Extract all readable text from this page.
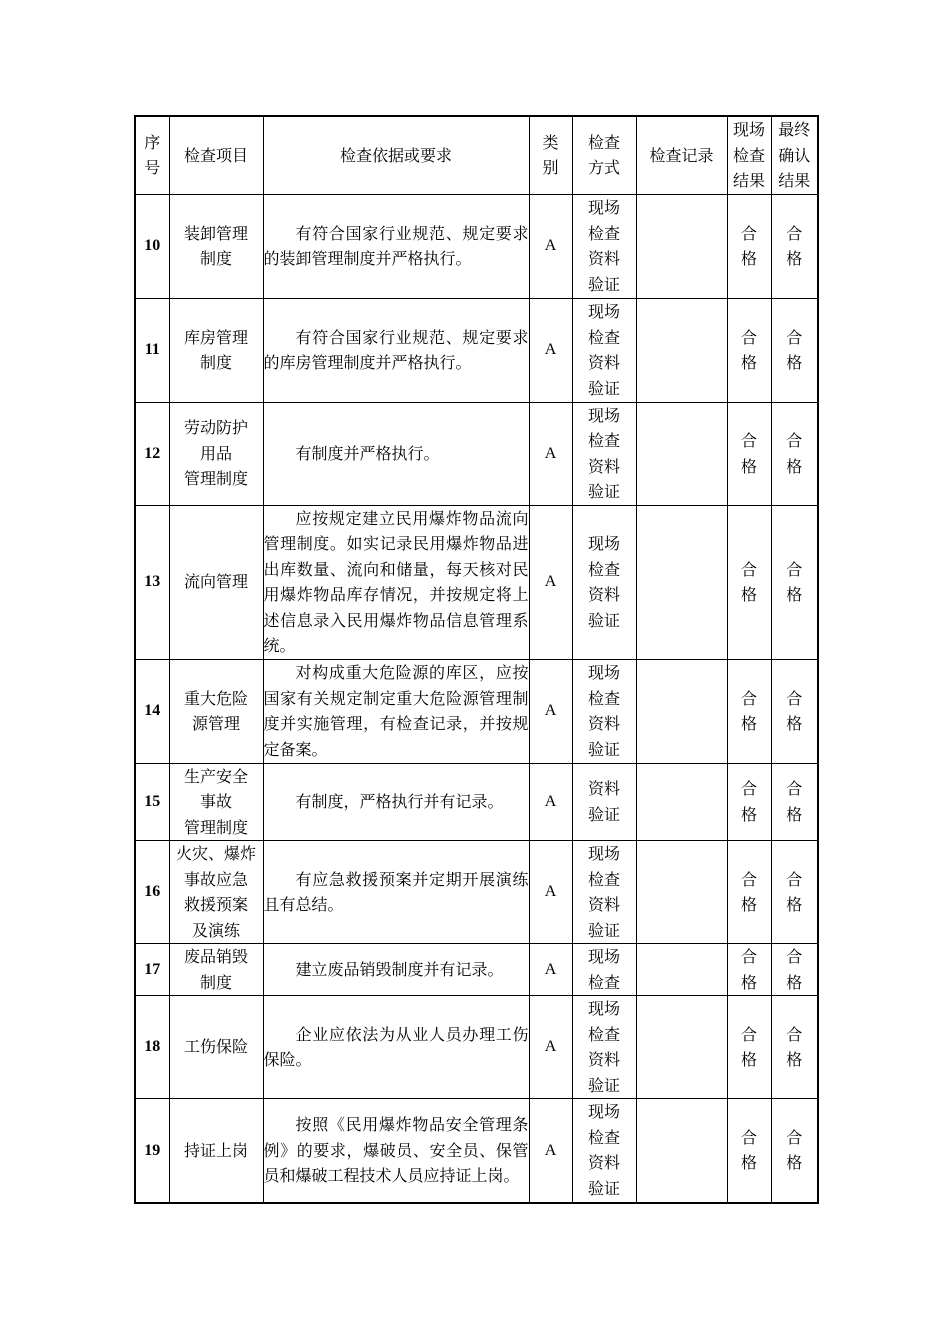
序
号	检查项目	检查依据或要求	类
别	检查
方式	检查记录	现场
检查
结果	最终
确认
结果

10	装卸管理
制度	有符合国家行业规范、规定要求的装卸管理制度并严格执行。	A	现场
检查
资料
验证		合
格	合
格

11	库房管理
制度	有符合国家行业规范、规定要求的库房管理制度并严格执行。	A	现场
检查
资料
验证		合
格	合
格

12	劳动防护
用品
管理制度	有制度并严格执行。	A	现场
检查
资料
验证		合
格	合
格

13	流向管理	应按规定建立民用爆炸物品流向管理制度。如实记录民用爆炸物品进出库数量、流向和储量，每天核对民用爆炸物品库存情况，并按规定将上述信息录入民用爆炸物品信息管理系统。	A	现场
检查
资料
验证		合
格	合
格

14	重大危险
源管理	对构成重大危险源的库区，应按国家有关规定制定重大危险源管理制度并实施管理，有检查记录，并按规定备案。	A	现场
检查
资料
验证		合
格	合
格

15	生产安全
事故
管理制度	有制度，严格执行并有记录。	A	资料
验证		合
格	合
格

16	火灾、爆炸
事故应急
救援预案
及演练	有应急救援预案并定期开展演练且有总结。	A	现场
检查
资料
验证		合
格	合
格

17	废品销毁
制度	建立废品销毁制度并有记录。	A	现场
检查		合
格	合
格

18	工伤保险	企业应依法为从业人员办理工伤保险。	A	现场
检查
资料
验证		合
格	合
格

19	持证上岗	按照《民用爆炸物品安全管理条例》的要求，爆破员、安全员、保管员和爆破工程技术人员应持证上岗。	A	现场
检查
资料
验证		合
格	合
格
